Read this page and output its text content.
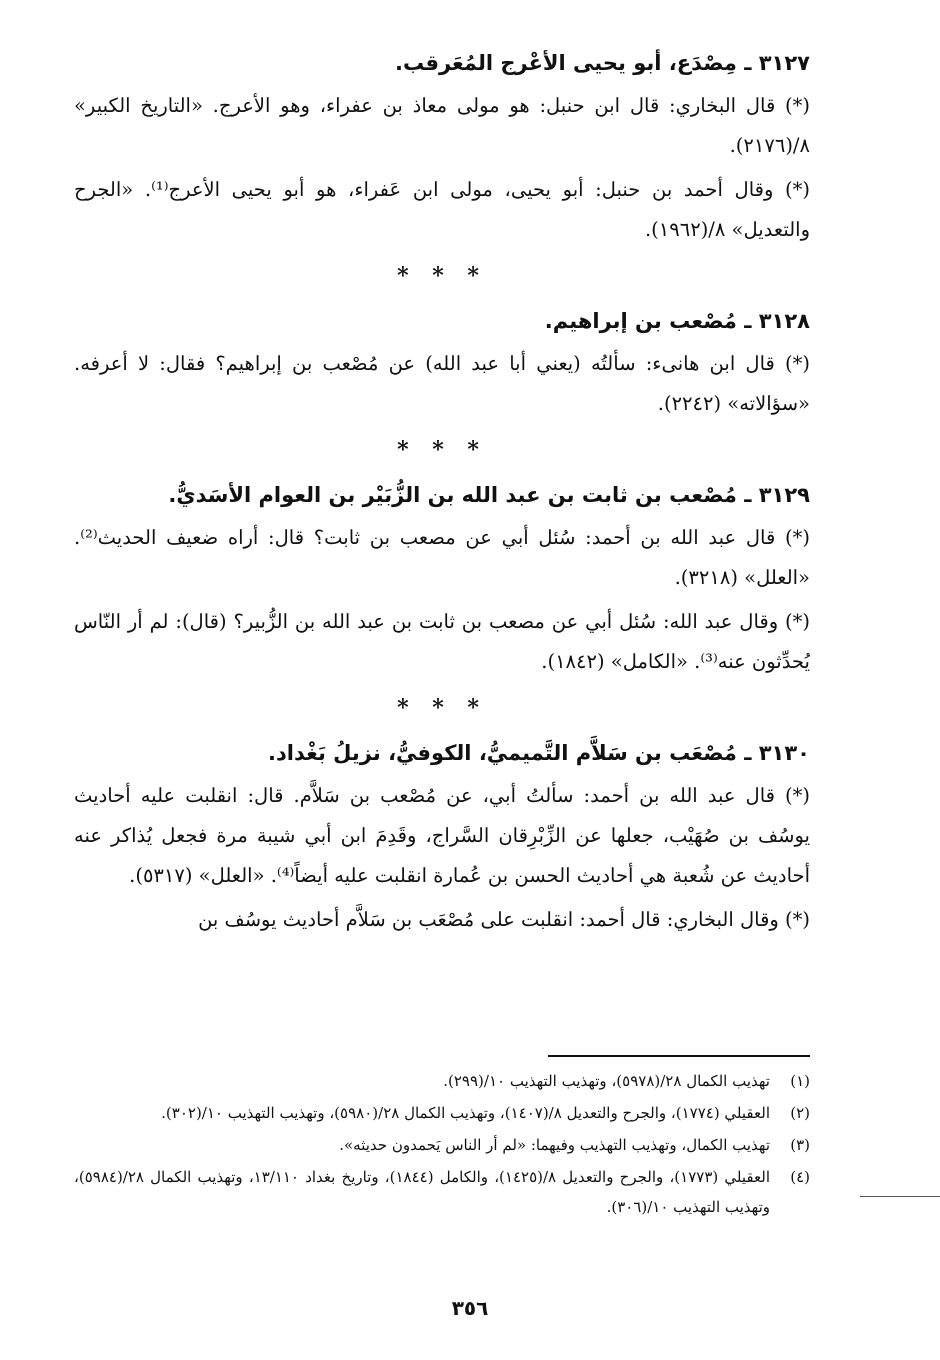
٣١٢٧ ـ مِصْدَع، أبو يحيى الأعْرج المُعَرقب.
(*) قال البخاري: قال ابن حنبل: هو مولى معاذ بن عفراء، وهو الأعرج. «التاريخ الكبير» ٨/(٢١٧٦).
(*) وقال أحمد بن حنبل: أبو يحيى، مولى ابن عَفراء، هو أبو يحيى الأعرج⁽¹⁾. «الجرح والتعديل» ٨/(١٩٦٢).
* * *
٣١٢٨ ـ مُصْعب بن إبراهيم.
(*) قال ابن هانىء: سألتُه (يعني أبا عبد الله) عن مُصْعب بن إبراهيم؟ فقال: لا أعرفه. «سؤالاته» (٢٢٤٢).
* * *
٣١٢٩ ـ مُصْعب بن ثابت بن عبد الله بن الزُّبَيْر بن العوام الأسَديُّ.
(*) قال عبد الله بن أحمد: سُئل أبي عن مصعب بن ثابت؟ قال: أراه ضعيف الحديث⁽²⁾. «العلل» (٣٢١٨).
(*) وقال عبد الله: سُئل أبي عن مصعب بن ثابت بن عبد الله بن الزُّبير؟ (قال): لم أر النّاس يُحدِّثون عنه⁽³⁾. «الكامل» (١٨٤٢).
* * *
٣١٣٠ ـ مُصْعَب بن سَلاَّم التَّميميُّ، الكوفيُّ، نزيلُ بَغْداد.
(*) قال عبد الله بن أحمد: سألتُ أبي، عن مُصْعب بن سَلاَّم. قال: انقلبت عليه أحاديث يوسُف بن صُهَيْب، جعلها عن الزِّبْرِقان السَّراج، وقَدِمَ ابن أبي شيبة مرة فجعل يُذاكر عنه أحاديث عن شُعبة هي أحاديث الحسن بن عُمارة انقلبت عليه أيضاً⁽⁴⁾. «العلل» (٥٣١٧).
(*) وقال البخاري: قال أحمد: انقلبت على مُصْعَب بن سَلاَّم أحاديث يوسُف بن
(١)
تهذيب الكمال ٢٨/(٥٩٧٨)، وتهذيب التهذيب ١٠/(٢٩٩).
(٢)
العقيلي (١٧٧٤)، والجرح والتعديل ٨/(١٤٠٧)، وتهذيب الكمال ٢٨/(٥٩٨٠)، وتهذيب التهذيب ١٠/(٣٠٢).
(٣)
تهذيب الكمال، وتهذيب التهذيب وفيهما: «لم أر الناس يَحمدون حديثه».
(٤)
العقيلي (١٧٧٣)، والجرح والتعديل ٨/(١٤٢٥)، والكامل (١٨٤٤)، وتاريخ بغداد ١٣/١١٠، وتهذيب الكمال ٢٨/(٥٩٨٤)، وتهذيب التهذيب ١٠/(٣٠٦).
٣٥٦
